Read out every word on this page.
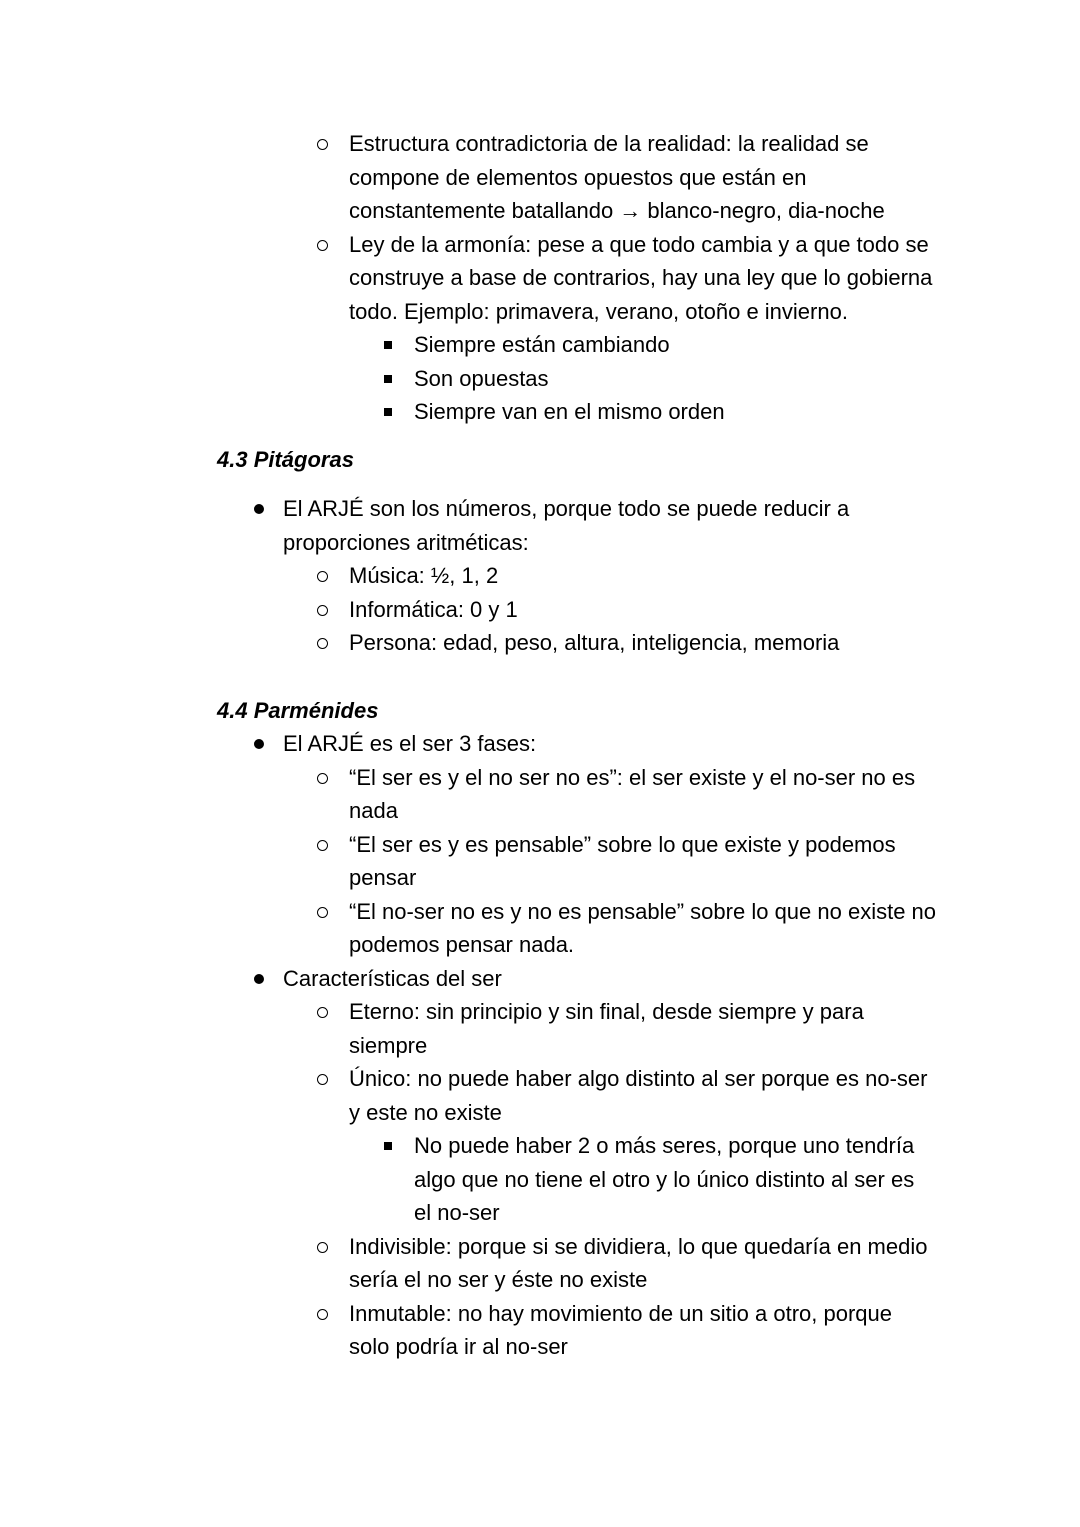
Estructura contradictoria de la realidad: la realidad se compone de elementos opuestos que están en constantemente batallando → blanco-negro, dia-noche

Ley de la armonía: pese a que todo cambia y a que todo se construye a base de contrarios, hay una ley que lo gobierna todo. Ejemplo: primavera, verano, otoño e invierno.

Siempre están cambiando

Son opuestas

Siempre van en el mismo orden

4.3 Pitágoras

El ARJÉ son los números, porque todo se puede reducir a proporciones aritméticas:

Música: ½, 1, 2

Informática: 0 y 1

Persona: edad, peso, altura, inteligencia, memoria

4.4 Parménides

El ARJÉ es el ser 3 fases:

“El ser es y el no ser no es”: el ser existe y el no-ser no es nada

“El ser es y es pensable” sobre lo que existe y podemos pensar

“El no-ser no es y no es pensable” sobre lo que no existe no podemos pensar nada.

Características del ser

Eterno: sin principio y sin final, desde siempre y para siempre

Único: no puede haber algo distinto al ser porque es no-ser y este no existe

No puede haber 2 o más seres, porque uno tendría algo que no tiene el otro y lo único distinto al ser es el no-ser

Indivisible: porque si se dividiera, lo que quedaría en medio sería el no ser y éste no existe

Inmutable: no hay movimiento de un sitio a otro, porque solo podría ir al no-ser
